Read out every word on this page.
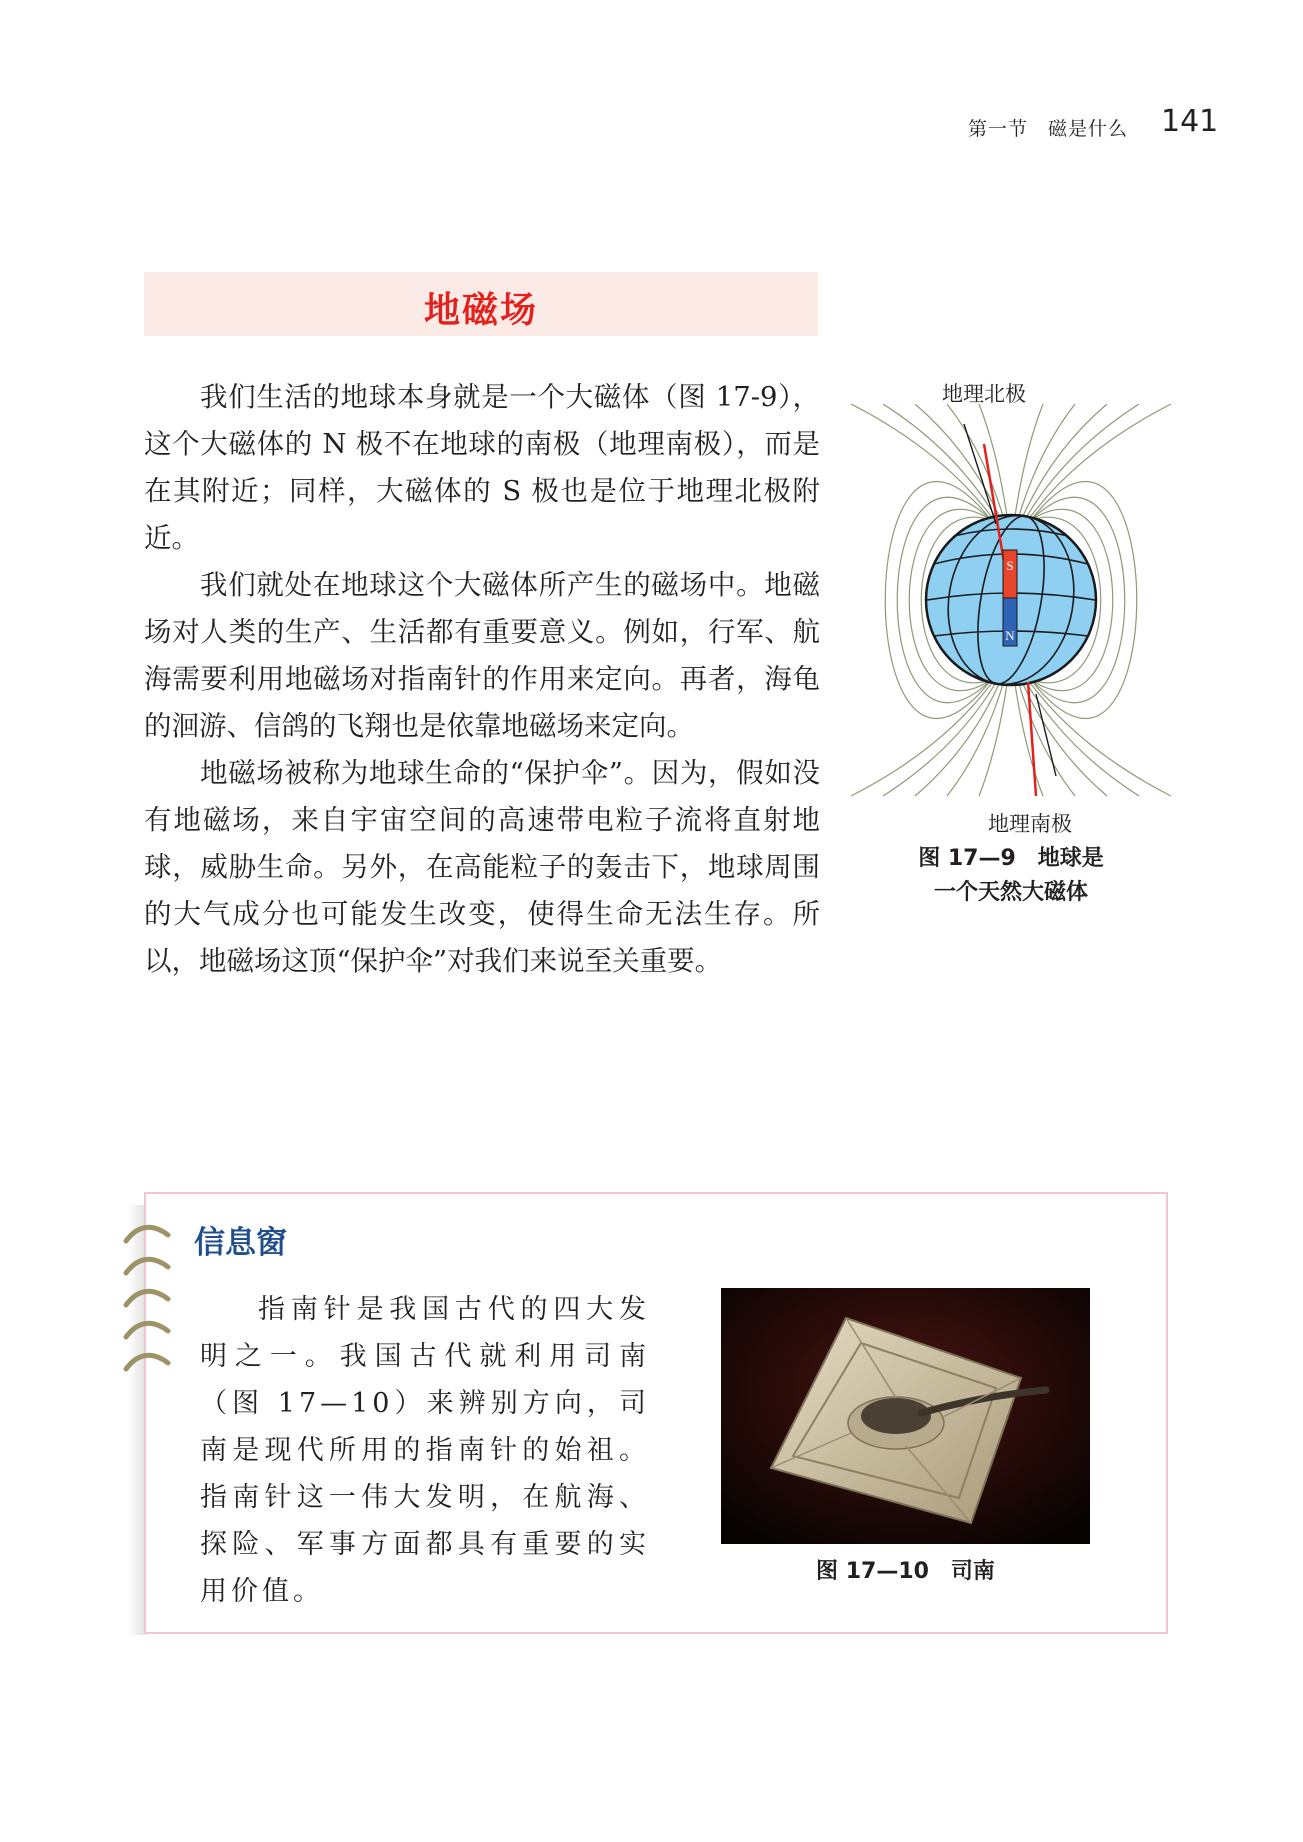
第一节　磁是什么 141
地磁场

我们生活的地球本身就是一个大磁体（图 17-9），这个大磁体的 N 极不在地球的南极（地理南极），而是在其附近；同样，大磁体的 S 极也是位于地理北极附近。

我们就处在地球这个大磁体所产生的磁场中。地磁场对人类的生产、生活都有重要意义。例如，行军、航海需要利用地磁场对指南针的作用来定向。再者，海龟的洄游、信鸽的飞翔也是依靠地磁场来定向。

地磁场被称为地球生命的“保护伞”。因为，假如没有地磁场，来自宇宙空间的高速带电粒子流将直射地球，威胁生命。另外，在高能粒子的轰击下，地球周围的大气成分也可能发生改变，使得生命无法生存。所以，地磁场这顶“保护伞”对我们来说至关重要。

地理北极
S
N
地理南极
图 17—9　地球是
一个天然大磁体
信息窗

指南针是我国古代的四大发明之一。我国古代就利用司南（图 17—10）来辨别方向，司南是现代所用的指南针的始祖。指南针这一伟大发明，在航海、探险、军事方面都具有重要的实用价值。

图 17—10　司南
